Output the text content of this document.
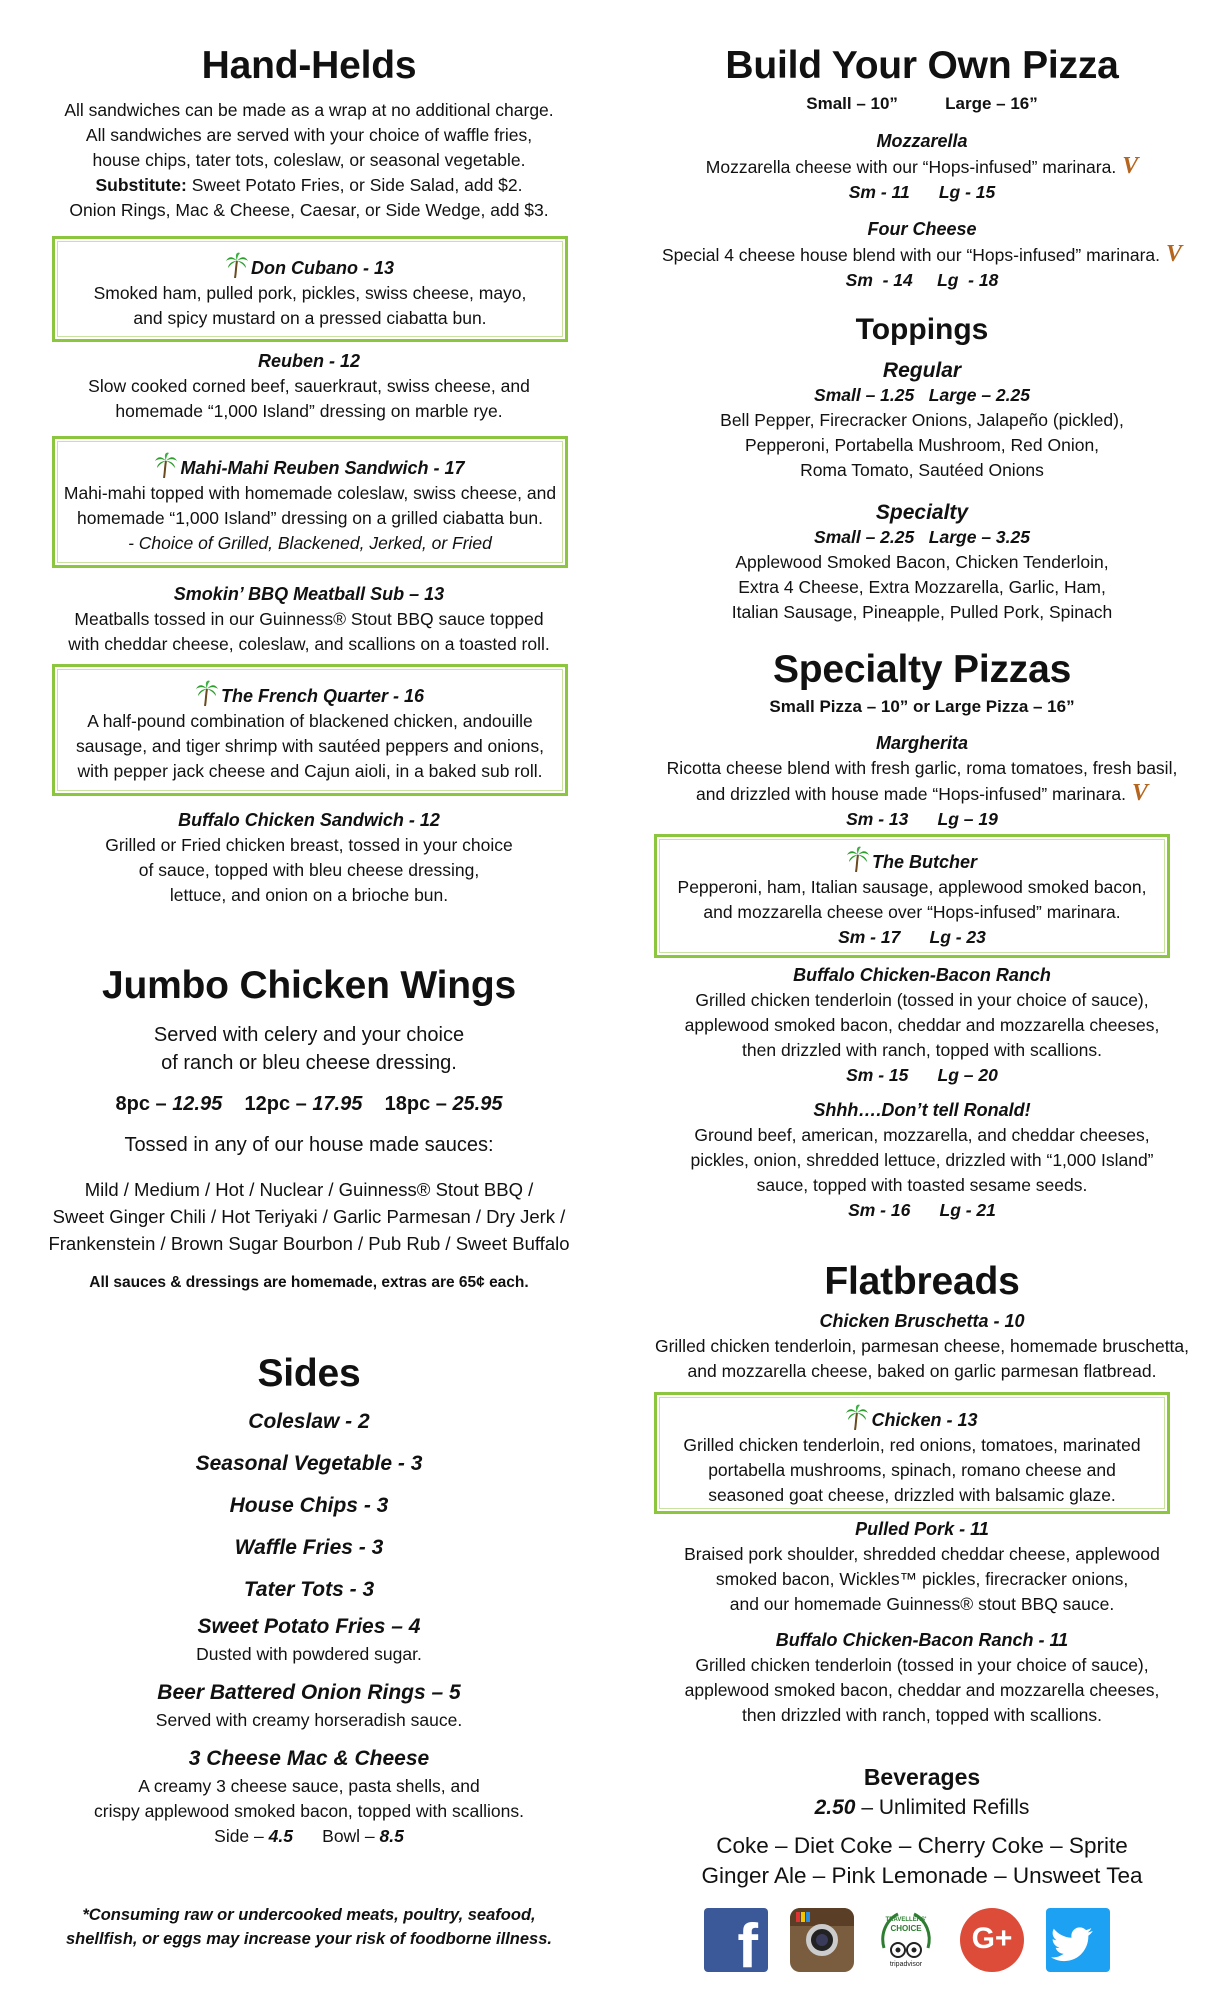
Hand-Helds

All sandwiches can be made as a wrap at no additional charge.

All sandwiches are served with your choice of waffle fries,

house chips, tater tots, coleslaw, or seasonal vegetable.

Substitute: Sweet Potato Fries, or Side Salad, add $2.

Onion Rings, Mac & Cheese, Caesar, or Side Wedge, add $3.

Don Cubano - 13

Smoked ham, pulled pork, pickles, swiss cheese, mayo,

and spicy mustard on a pressed ciabatta bun.

Reuben - 12

Slow cooked corned beef, sauerkraut, swiss cheese, and

homemade “1,000 Island” dressing on marble rye.

Mahi-Mahi Reuben Sandwich - 17

Mahi-mahi topped with homemade coleslaw, swiss cheese, and

homemade “1,000 Island” dressing on a grilled ciabatta bun.

- Choice of Grilled, Blackened, Jerked, or Fried

Smokin’ BBQ Meatball Sub – 13

Meatballs tossed in our Guinness® Stout BBQ sauce topped

with cheddar cheese, coleslaw, and scallions on a toasted roll.

The French Quarter - 16

A half-pound combination of blackened chicken, andouille

sausage, and tiger shrimp with sautéed peppers and onions,

with pepper jack cheese and Cajun aioli, in a baked sub roll.

Buffalo Chicken Sandwich - 12

Grilled or Fried chicken breast, tossed in your choice

of sauce, topped with bleu cheese dressing,

lettuce, and onion on a brioche bun.

Jumbo Chicken Wings

Served with celery and your choice

of ranch or bleu cheese dressing.

8pc – 12.95 12pc – 17.95 18pc – 25.95

Tossed in any of our house made sauces:

Mild / Medium / Hot / Nuclear / Guinness® Stout BBQ /

Sweet Ginger Chili / Hot Teriyaki / Garlic Parmesan / Dry Jerk /

Frankenstein / Brown Sugar Bourbon / Pub Rub / Sweet Buffalo

All sauces & dressings are homemade, extras are 65¢ each.

Sides

Coleslaw - 2

Seasonal Vegetable - 3

House Chips - 3

Waffle Fries - 3

Tater Tots - 3

Sweet Potato Fries – 4

Dusted with powdered sugar.

Beer Battered Onion Rings – 5

Served with creamy horseradish sauce.

3 Cheese Mac & Cheese

A creamy 3 cheese sauce, pasta shells, and

crispy applewood smoked bacon, topped with scallions.

Side – 4.5 Bowl – 8.5

*Consuming raw or undercooked meats, poultry, seafood,

shellfish, or eggs may increase your risk of foodborne illness.

Build Your Own Pizza

Small – 10”          Large – 16”

Mozzarella

Mozzarella cheese with our “Hops-infused” marinara. V

Sm - 11      Lg - 15

Four Cheese

Special 4 cheese house blend with our “Hops-infused” marinara. V

Sm  - 14     Lg  - 18

Toppings

Regular

Small – 1.25   Large – 2.25

Bell Pepper, Firecracker Onions, Jalapeño (pickled),

Pepperoni, Portabella Mushroom, Red Onion,

Roma Tomato, Sautéed Onions

Specialty

Small – 2.25   Large – 3.25

Applewood Smoked Bacon, Chicken Tenderloin,

Extra 4 Cheese, Extra Mozzarella, Garlic, Ham,

Italian Sausage, Pineapple, Pulled Pork, Spinach

Specialty Pizzas

Small Pizza – 10” or Large Pizza – 16”

Margherita

Ricotta cheese blend with fresh garlic, roma tomatoes, fresh basil,

and drizzled with house made “Hops-infused” marinara. V

Sm - 13      Lg – 19

The Butcher

Pepperoni, ham, Italian sausage, applewood smoked bacon,

and mozzarella cheese over “Hops-infused” marinara.

Sm - 17      Lg - 23

Buffalo Chicken-Bacon Ranch

Grilled chicken tenderloin (tossed in your choice of sauce),

applewood smoked bacon, cheddar and mozzarella cheeses,

then drizzled with ranch, topped with scallions.

Sm - 15      Lg – 20

Shhh….Don’t tell Ronald!

Ground beef, american, mozzarella, and cheddar cheeses,

pickles, onion, shredded lettuce, drizzled with “1,000 Island”

sauce, topped with toasted sesame seeds.

Sm - 16      Lg - 21

Flatbreads

Chicken Bruschetta - 10

Grilled chicken tenderloin, parmesan cheese, homemade bruschetta,

and mozzarella cheese, baked on garlic parmesan flatbread.

Chicken - 13

Grilled chicken tenderloin, red onions, tomatoes, marinated

portabella mushrooms, spinach, romano cheese and

seasoned goat cheese, drizzled with balsamic glaze.

Pulled Pork - 11

Braised pork shoulder, shredded cheddar cheese, applewood

smoked bacon, Wickles™ pickles, firecracker onions,

and our homemade Guinness® stout BBQ sauce.

Buffalo Chicken-Bacon Ranch - 11

Grilled chicken tenderloin (tossed in your choice of sauce),

applewood smoked bacon, cheddar and mozzarella cheeses,

then drizzled with ranch, topped with scallions.

Beverages

2.50 – Unlimited Refills

Coke – Diet Coke – Cherry Coke – Sprite

Ginger Ale – Pink Lemonade – Unsweet Tea

f	TRAVELLERS'
CHOICE
tripadvisor
G+
